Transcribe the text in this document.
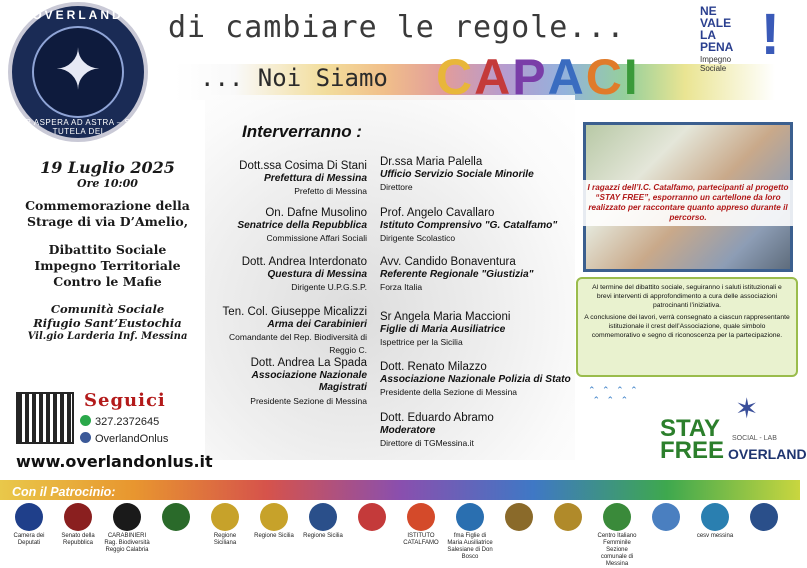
✦
OVERLAND
PER ASPERA AD ASTRA – SUB TUTELA DEI
di cambiare le regole...
... Noi Siamo CAPACI
NE
VALE
LA
PENA
Impegno
Sociale
!
19 Luglio 2025
Ore 10:00
Commemorazione della
Strage di via D’Amelio,
Dibattito Sociale
Impegno Territoriale
Contro le Mafie
Comunità Sociale
Rifugio Sant’Eustochia
Vil.gio Larderia Inf. Messina
Seguici
327.2372645
OverlandOnlus
www.overlandonlus.it
Interverranno :
Dott.ssa Cosima Di Stani
Prefettura di Messina
Prefetto di Messina
On. Dafne Musolino
Senatrice della Repubblica
Commissione Affari Sociali
Dott. Andrea Interdonato
Questura di Messina
Dirigente U.P.G.S.P.
Ten. Col. Giuseppe Micalizzi
Arma dei Carabinieri
Comandante del Rep. Biodiversità di Reggio C.
Dott. Andrea La Spada
Associazione Nazionale Magistrati
Presidente Sezione di Messina
Dr.ssa Maria Palella
Ufficio Servizio Sociale Minorile
Direttore
Prof. Angelo Cavallaro
Istituto Comprensivo "G. Catalfamo"
Dirigente Scolastico
Avv. Candido Bonaventura
Referente Regionale "Giustizia"
Forza Italia
Sr Angela Maria Maccioni
Figlie di Maria Ausiliatrice
Ispettrice per la Sicilia
Dott. Renato Milazzo
Associazione Nazionale Polizia di Stato
Presidente della Sezione di Messina
Dott. Eduardo Abramo
Moderatore
Direttore di TGMessina.it
I ragazzi dell’I.C. Catalfamo, partecipanti al progetto “STAY FREE”, esporranno un cartellone da loro realizzato per raccontare quanto appreso durante il percorso.
Al termine del dibattito sociale, seguiranno i saluti istituzionali e brevi interventi di approfondimento a cura delle associazioni patrocinanti l’iniziativa.
A conclusione dei lavori, verrà consegnato a ciascun rappresentante istituzionale il crest dell’Associazione, quale simbolo commemorativo e segno di riconoscenza per la partecipazione.
⌃ ⌃ ⌃ ⌃
⌃ ⌃ ⌃	✶
STAY
FREE SOCIAL - LAB
OVERLAND
Con il Patrocinio:
Camera dei Deputati
Senato della Repubblica
CARABINIERI Rag. Biodiversità Reggio Calabria
Regione Siciliana
Regione Sicilia	Regione Sicilia	ISTITUTO CATALFAMO
fma Figlie di Maria Ausiliatrice Salesiane di Don Bosco
Centro Italiano Femminile Sezione comunale di Messina
cesv messina
